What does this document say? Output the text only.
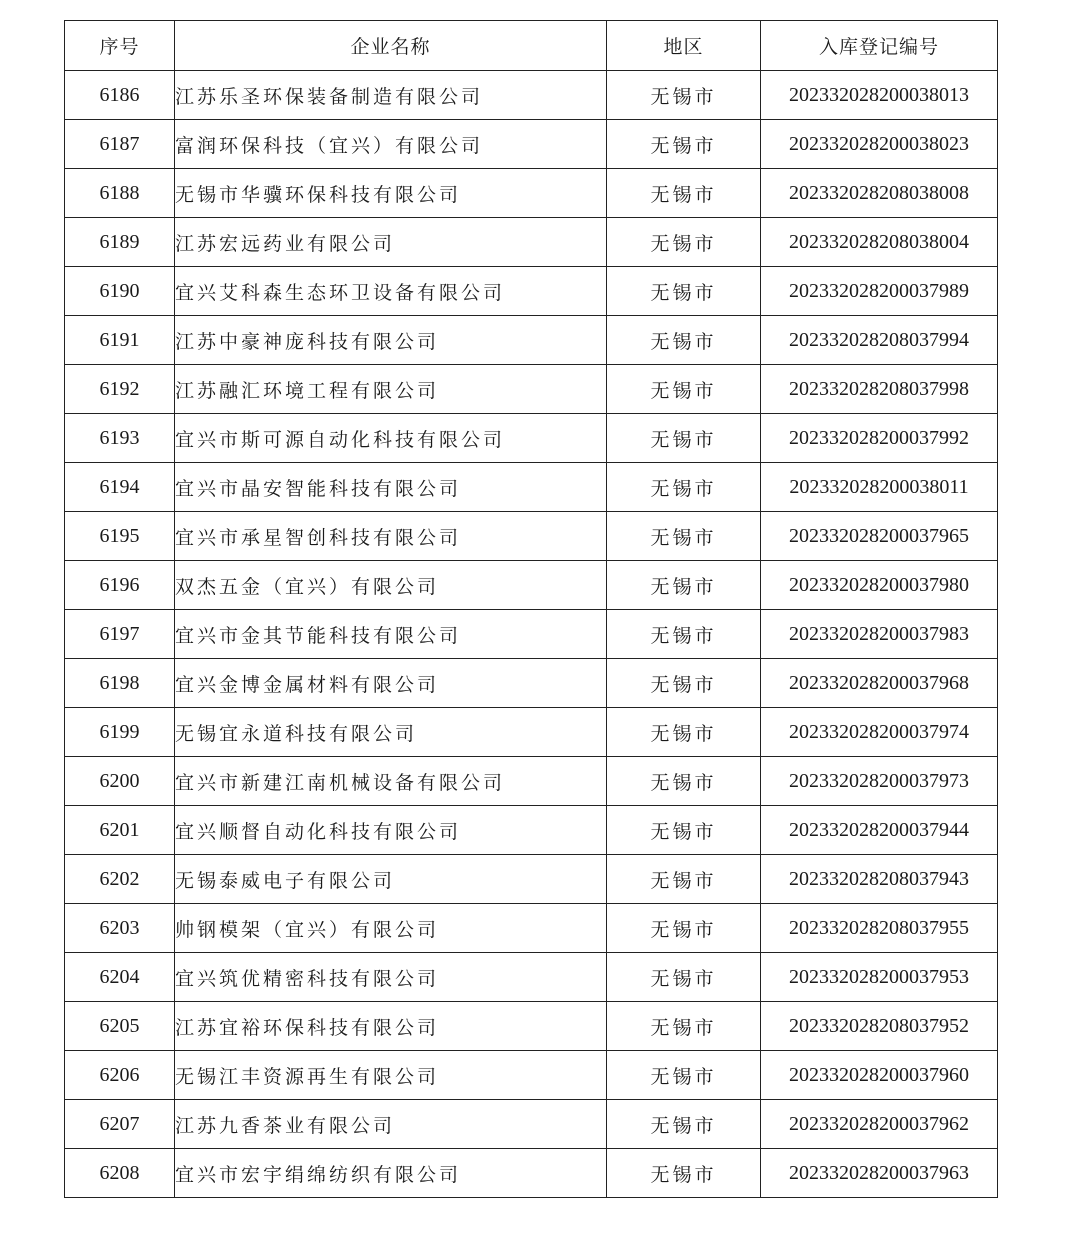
序号	企业名称	地区	入库登记编号
6186	江苏乐圣环保装备制造有限公司	无锡市	202332028200038013
6187	富润环保科技（宜兴）有限公司	无锡市	202332028200038023
6188	无锡市华骥环保科技有限公司	无锡市	202332028208038008
6189	江苏宏远药业有限公司	无锡市	202332028208038004
6190	宜兴艾科森生态环卫设备有限公司	无锡市	202332028200037989
6191	江苏中豪神庞科技有限公司	无锡市	202332028208037994
6192	江苏融汇环境工程有限公司	无锡市	202332028208037998
6193	宜兴市斯可源自动化科技有限公司	无锡市	202332028200037992
6194	宜兴市晶安智能科技有限公司	无锡市	202332028200038011
6195	宜兴市承星智创科技有限公司	无锡市	202332028200037965
6196	双杰五金（宜兴）有限公司	无锡市	202332028200037980
6197	宜兴市金其节能科技有限公司	无锡市	202332028200037983
6198	宜兴金博金属材料有限公司	无锡市	202332028200037968
6199	无锡宜永道科技有限公司	无锡市	202332028200037974
6200	宜兴市新建江南机械设备有限公司	无锡市	202332028200037973
6201	宜兴顺督自动化科技有限公司	无锡市	202332028200037944
6202	无锡泰威电子有限公司	无锡市	202332028208037943
6203	帅钢模架（宜兴）有限公司	无锡市	202332028208037955
6204	宜兴筑优精密科技有限公司	无锡市	202332028200037953
6205	江苏宜裕环保科技有限公司	无锡市	202332028208037952
6206	无锡江丰资源再生有限公司	无锡市	202332028200037960
6207	江苏九香茶业有限公司	无锡市	202332028200037962
6208	宜兴市宏宇绢绵纺织有限公司	无锡市	202332028200037963
